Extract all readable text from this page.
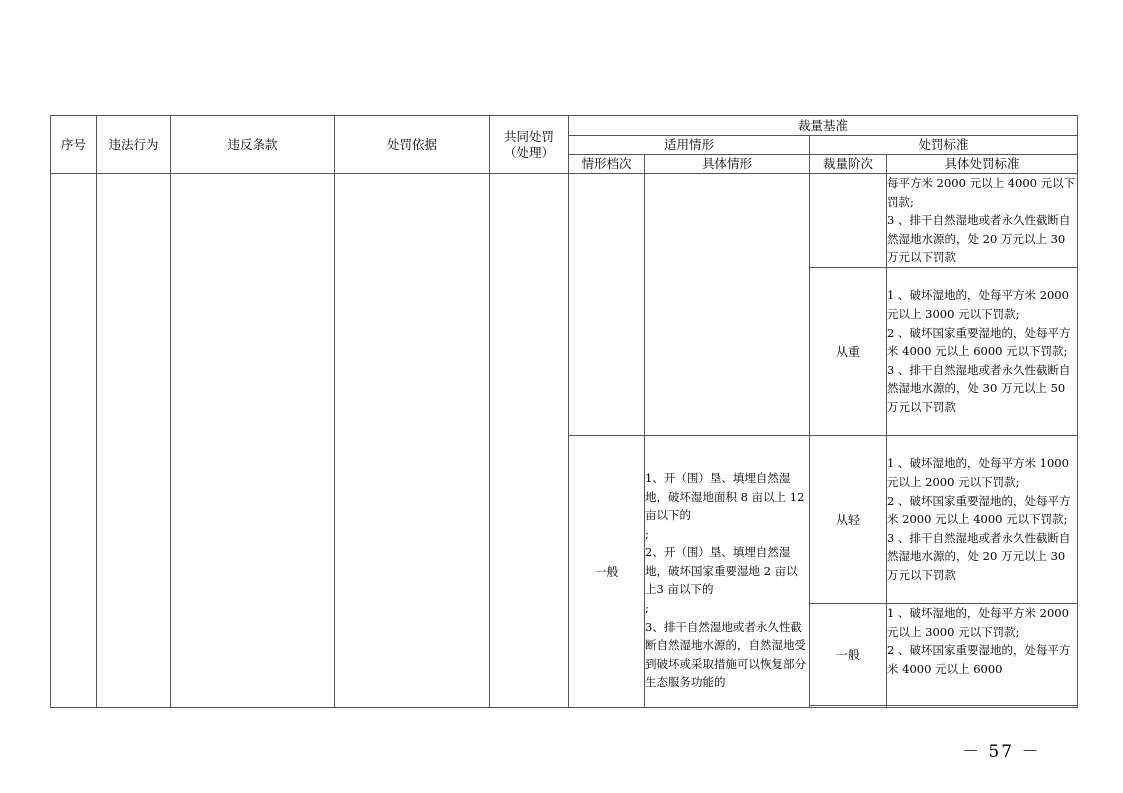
序号	违法行为	违反条款	处罚依据	共同处罚
（处理）	裁量基准			
					适用情形		处罚标准	
					情形档次	具体情形	裁量阶次	具体处罚标准
								每平方米 2000 元以上 4000 元以下罚款;
3 、排干自然湿地或者永久性截断自然湿地水源的，处 20 万元以上 30 万元以下罚款
							从重	1 、破坏湿地的，处每平方米 2000 元以上 3000 元以下罚款;
2 、破坏国家重要湿地的，处每平方米 4000 元以上 6000 元以下罚款;
3 、排干自然湿地或者永久性截断自然湿地水源的，处 30 万元以上 50 万元以下罚款
					一般	1、开（围）垦、填埋自然湿地，破坏湿地面积 8 亩以上 12 亩以下的
;
2、开（围）垦、填埋自然湿地，破坏国家重要湿地 2 亩以上3 亩以下的
;
3、排干自然湿地或者永久性截断自然湿地水源的，自然湿地受到破坏或采取措施可以恢复部分生态服务功能的	从轻	1 、破坏湿地的，处每平方米 1000 元以上 2000 元以下罚款;
2 、破坏国家重要湿地的，处每平方米 2000 元以上 4000 元以下罚款;
3 、排干自然湿地或者永久性截断自然湿地水源的，处 20 万元以上 30 万元以下罚款
							一般	1 、破坏湿地的，处每平方米 2000 元以上 3000 元以下罚款;
2 、破坏国家重要湿地的，处每平方米 4000 元以上 6000

－ 57 －
